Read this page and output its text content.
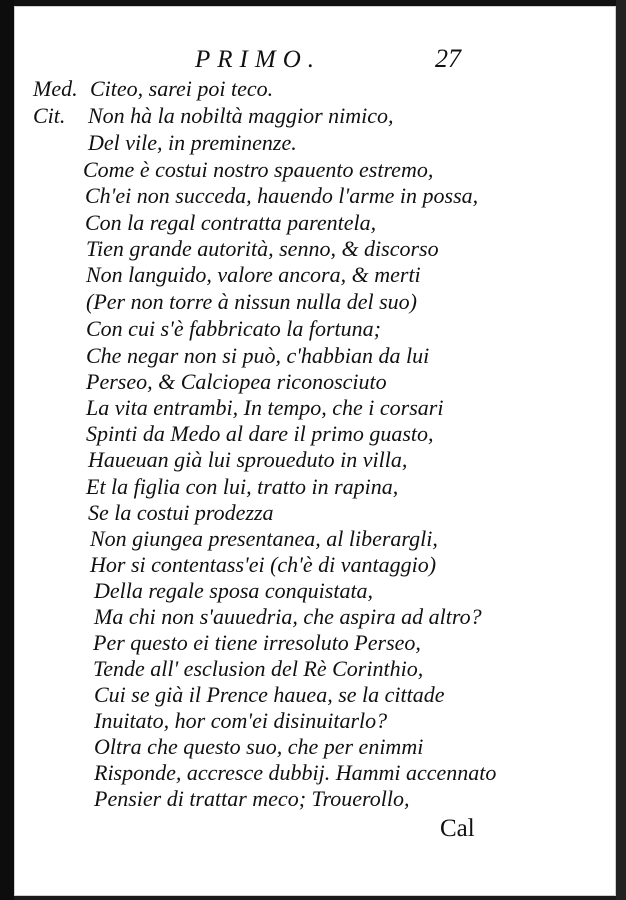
PRIMO.	27
Med.
Cit.
Citeo, sarei poi teco.
Non hà la nobiltà maggior nimico,
Del vile, in preminenze.
Come è costui nostro spauento estremo,
Ch'ei non succeda, hauendo l'arme in possa,
Con la regal contratta parentela,
Tien grande autorità, senno, & discorso
Non languido, valore ancora, & merti
(Per non torre à nissun nulla del suo)
Con cui s'è fabbricato la fortuna;
Che negar non si può, c'habbian da lui
Perseo, & Calciopea riconosciuto
La vita entrambi, In tempo, che i corsari
Spinti da Medo al dare il primo guasto,
Haueuan già lui sproueduto in villa,
Et la figlia con lui, tratto in rapina,
Se la costui prodezza
Non giungea presentanea, al liberargli,
Hor si contentass'ei (ch'è di vantaggio)
Della regale sposa conquistata,
Ma chi non s'auuedria, che aspira ad altro?
Per questo ei tiene irresoluto Perseo,
Tende all' esclusion del Rè Corinthio,
Cui se già il Prence hauea, se la cittade
Inuitato, hor com'ei disinuitarlo?
Oltra che questo suo, che per enimmi
Risponde, accresce dubbij. Hammi accennato
Pensier di trattar meco; Trouerollo,
Cal
